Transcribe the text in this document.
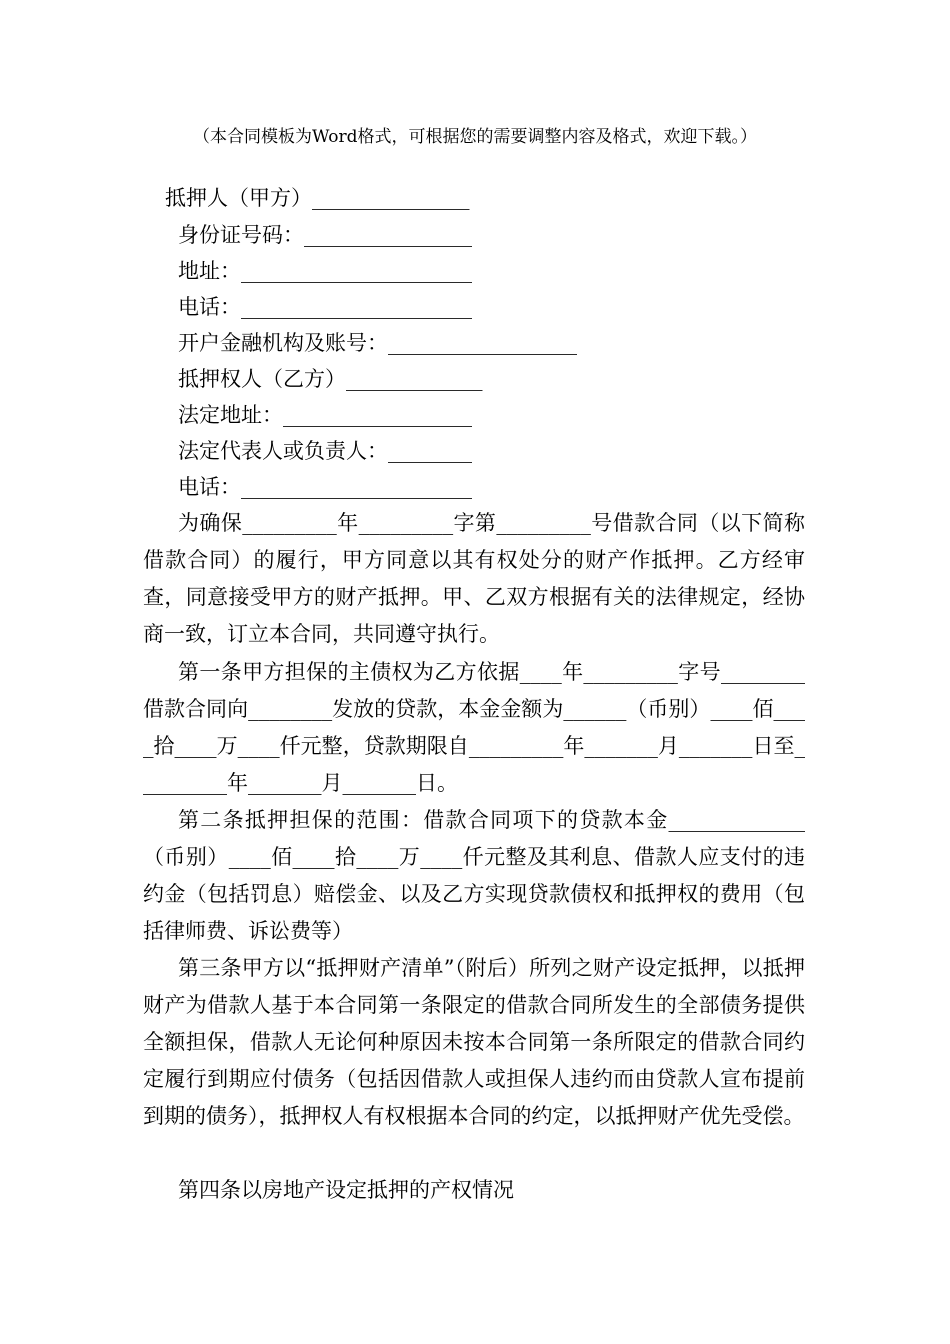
（本合同模板为Word格式，可根据您的需要调整内容及格式，欢迎下载。）
抵押人（甲方）_______________
身份证号码：________________
地址：______________________
电话：______________________
开户金融机构及账号：__________________
抵押权人（乙方）_____________
法定地址：__________________
法定代表人或负责人：________
电话：______________________
为确保_________年_________字第_________号借款合同（以下简称借款合同）的履行，甲方同意以其有权处分的财产作抵押。乙方经审查，同意接受甲方的财产抵押。甲、乙双方根据有关的法律规定，经协商一致，订立本合同，共同遵守执行。
第一条甲方担保的主债权为乙方依据____年_________字号________借款合同向________发放的贷款，本金金额为______（币别）____佰____拾____万____仟元整，贷款期限自_________年_______月_______日至_________年_______月_______日。
第二条抵押担保的范围：借款合同项下的贷款本金_____________（币别）____佰____拾____万____仟元整及其利息、借款人应支付的违约金（包括罚息）赔偿金、以及乙方实现贷款债权和抵押权的费用（包括律师费、诉讼费等）
第三条甲方以“抵押财产清单”（附后）所列之财产设定抵押，以抵押财产为借款人基于本合同第一条限定的借款合同所发生的全部债务提供全额担保，借款人无论何种原因未按本合同第一条所限定的借款合同约定履行到期应付债务（包括因借款人或担保人违约而由贷款人宣布提前到期的债务），抵押权人有权根据本合同的约定，以抵押财产优先受偿。
第四条以房地产设定抵押的产权情况
